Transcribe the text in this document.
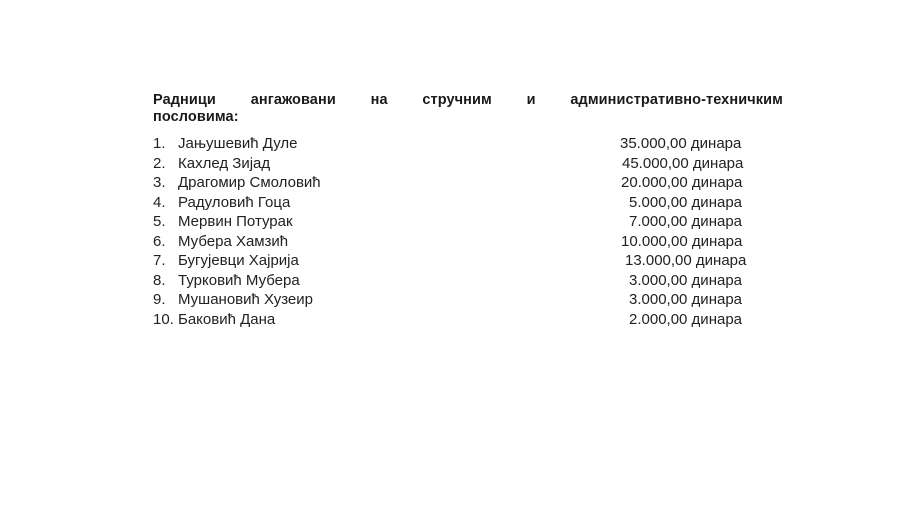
Радници ангажовани на стручним и административно-техничким
пословима:

1. Јањушевић Дуле	35.000,00 динара
2. Кахлед Зијад	45.000,00 динара
3. Драгомир Смоловић	20.000,00 динара
4. Радуловић Гоца	5.000,00 динара
5. Мервин Потурак	7.000,00 динара
6. Мубера Хамзић	10.000,00 динара
7. Бугујевци Хајрија	13.000,00 динара
8. Турковић Мубера	3.000,00 динара
9. Мушановић Хузеир	3.000,00 динара
10. Баковић Дана	2.000,00 динара
